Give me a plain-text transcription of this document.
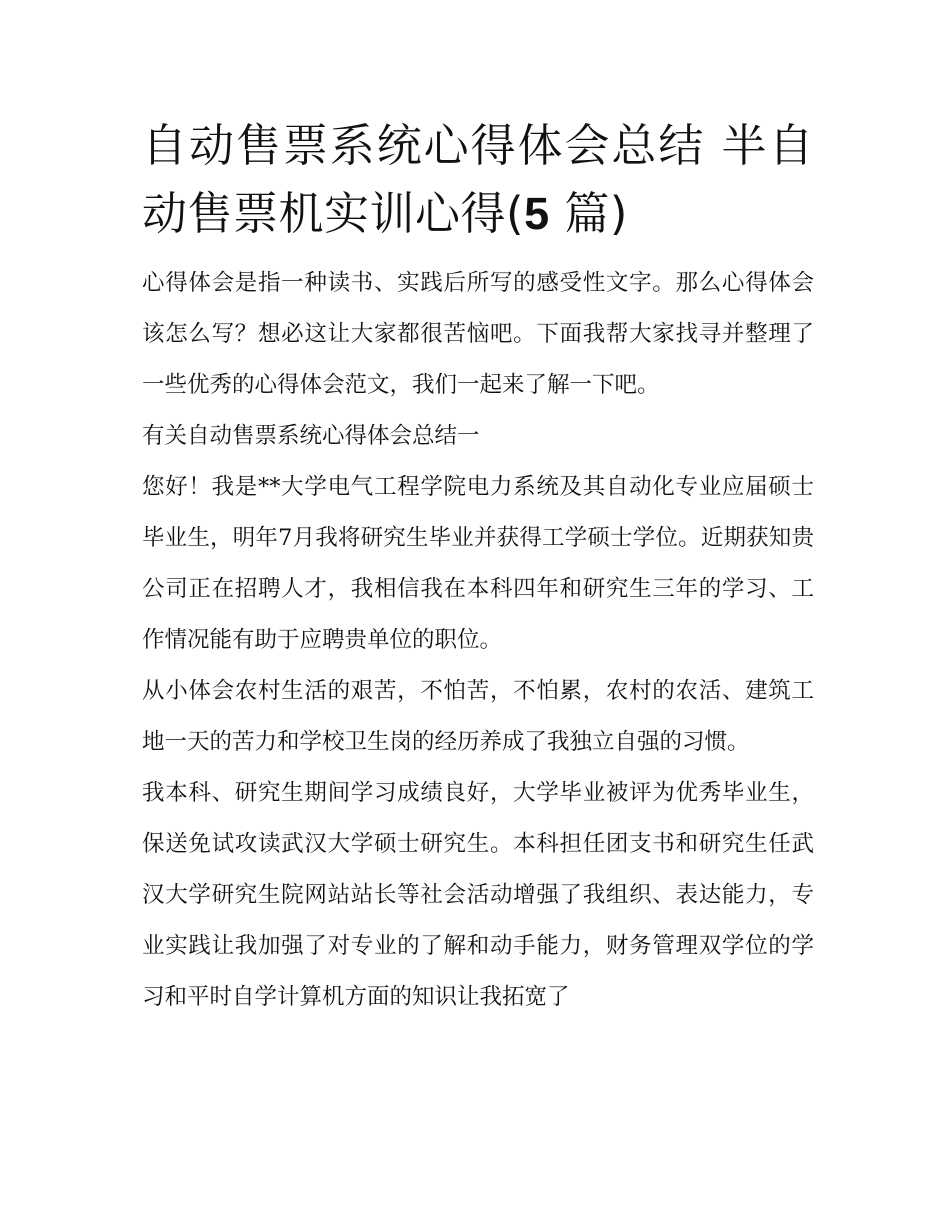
自动售票系统心得体会总结 半自动售票机实训心得(5 篇)

心得体会是指一种读书、实践后所写的感受性文字。那么心得体会该怎么写？想必这让大家都很苦恼吧。下面我帮大家找寻并整理了一些优秀的心得体会范文，我们一起来了解一下吧。

有关自动售票系统心得体会总结一

您好！我是**大学电气工程学院电力系统及其自动化专业应届硕士毕业生，明年7月我将研究生毕业并获得工学硕士学位。近期获知贵公司正在招聘人才，我相信我在本科四年和研究生三年的学习、工作情况能有助于应聘贵单位的职位。

从小体会农村生活的艰苦，不怕苦，不怕累，农村的农活、建筑工地一天的苦力和学校卫生岗的经历养成了我独立自强的习惯。

我本科、研究生期间学习成绩良好，大学毕业被评为优秀毕业生，保送免试攻读武汉大学硕士研究生。本科担任团支书和研究生任武汉大学研究生院网站站长等社会活动增强了我组织、表达能力，专业实践让我加强了对专业的了解和动手能力，财务管理双学位的学习和平时自学计算机方面的知识让我拓宽了
